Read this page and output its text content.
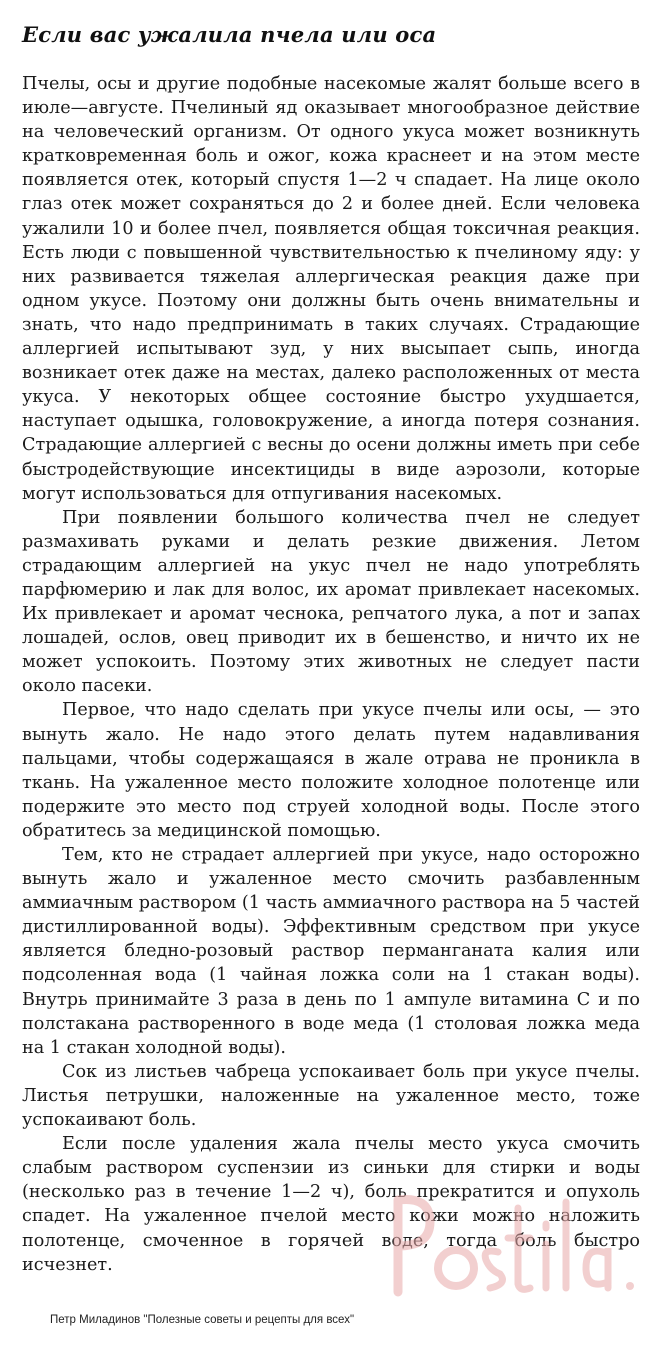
Если вас ужалила пчела или оса

Пчелы, осы и другие подобные насекомые жалят больше всего в июле—августе. Пчелиный яд оказывает многообразное действие на человеческий организм. От одного укуса может возникнуть кратковременная боль и ожог, кожа краснеет и на этом месте появляется отек, который спустя 1—2 ч спадает. На лице около глаз отек может сохраняться до 2 и более дней. Если человека ужалили 10 и более пчел, появляется общая токсичная реакция. Есть люди с повышенной чувствительностью к пчелиному яду: у них развивается тяжелая аллергическая реакция даже при одном укусе. Поэтому они должны быть очень внимательны и знать, что надо предпринимать в таких случаях. Страдающие аллергией испытывают зуд, у них высыпает сыпь, иногда возникает отек даже на местах, далеко расположенных от места укуса. У некоторых общее состояние быстро ухудшается, наступает одышка, головокружение, а иногда потеря сознания. Страдающие аллергией с весны до осени должны иметь при себе быстродействующие инсектициды в виде аэрозоли, которые могут использоваться для отпугивания насекомых.

При появлении большого количества пчел не следует размахивать руками и делать резкие движения. Летом страдающим аллергией на укус пчел не надо употреблять парфюмерию и лак для волос, их аромат привлекает насекомых. Их привлекает и аромат чеснока, репчатого лука, а пот и запах лошадей, ослов, овец приводит их в бешенство, и ничто их не может успокоить. Поэтому этих животных не следует пасти около пасеки.

Первое, что надо сделать при укусе пчелы или осы, — это вынуть жало. Не надо этого делать путем надавливания пальцами, чтобы содержащаяся в жале отрава не проникла в ткань. На ужаленное место положите холодное полотенце или подержите это место под струей холодной воды. После этого обратитесь за медицинской помощью.

Тем, кто не страдает аллергией при укусе, надо осторожно вынуть жало и ужаленное место смочить разбавленным аммиачным раствором (1 часть аммиачного раствора на 5 частей дистиллированной воды). Эффективным средством при укусе является бледно-розовый раствор перманганата калия или подсоленная вода (1 чайная ложка соли на 1 стакан воды). Внутрь принимайте 3 раза в день по 1 ампуле витамина С и по полстакана растворенного в воде меда (1 столовая ложка меда на 1 стакан холодной воды).

Сок из листьев чабреца успокаивает боль при укусе пчелы. Листья петрушки, наложенные на ужаленное место, тоже успокаивают боль.

Если после удаления жала пчелы место укуса смочить слабым раствором суспензии из синьки для стирки и воды (несколько раз в течение 1—2 ч), боль прекратится и опухоль спадет. На ужаленное пчелой место кожи можно наложить полотенце, смоченное в горячей воде, тогда боль быстро исчезнет.

Петр Миладинов "Полезные советы и рецепты для всех"
